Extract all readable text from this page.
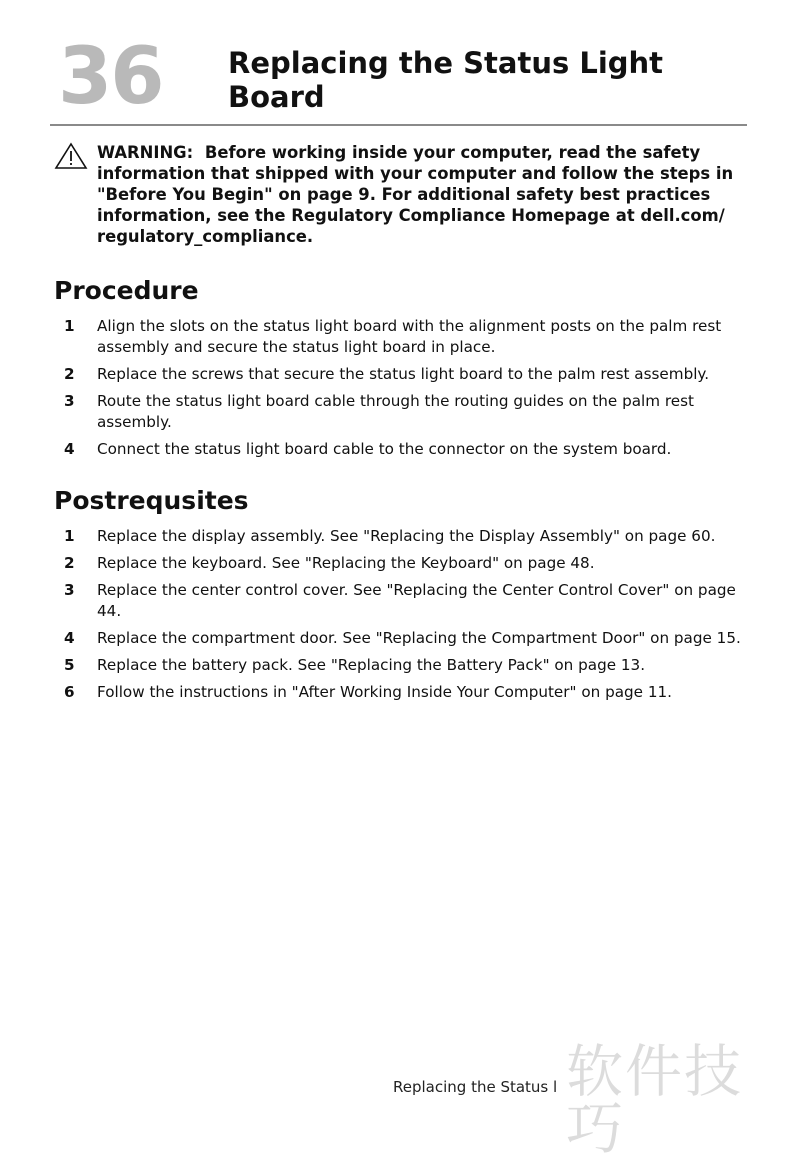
36 Replacing the Status Light Board
WARNING: Before working inside your computer, read the safety information that shipped with your computer and follow the steps in "Before You Begin" on page 9. For additional safety best practices information, see the Regulatory Compliance Homepage at dell.com/ regulatory_compliance.
Procedure
1 Align the slots on the status light board with the alignment posts on the palm rest assembly and secure the status light board in place.
2 Replace the screws that secure the status light board to the palm rest assembly.
3 Route the status light board cable through the routing guides on the palm rest assembly.
4 Connect the status light board cable to the connector on the system board.
Postrequsites
1 Replace the display assembly. See "Replacing the Display Assembly" on page 60.
2 Replace the keyboard. See "Replacing the Keyboard" on page 48.
3 Replace the center control cover. See "Replacing the Center Control Cover" on page 44.
4 Replace the compartment door. See "Replacing the Compartment Door" on page 15.
5 Replace the battery pack. See "Replacing the Battery Pack" on page 13.
6 Follow the instructions in "After Working Inside Your Computer" on page 11.
Replacing the Status l 软件技巧
